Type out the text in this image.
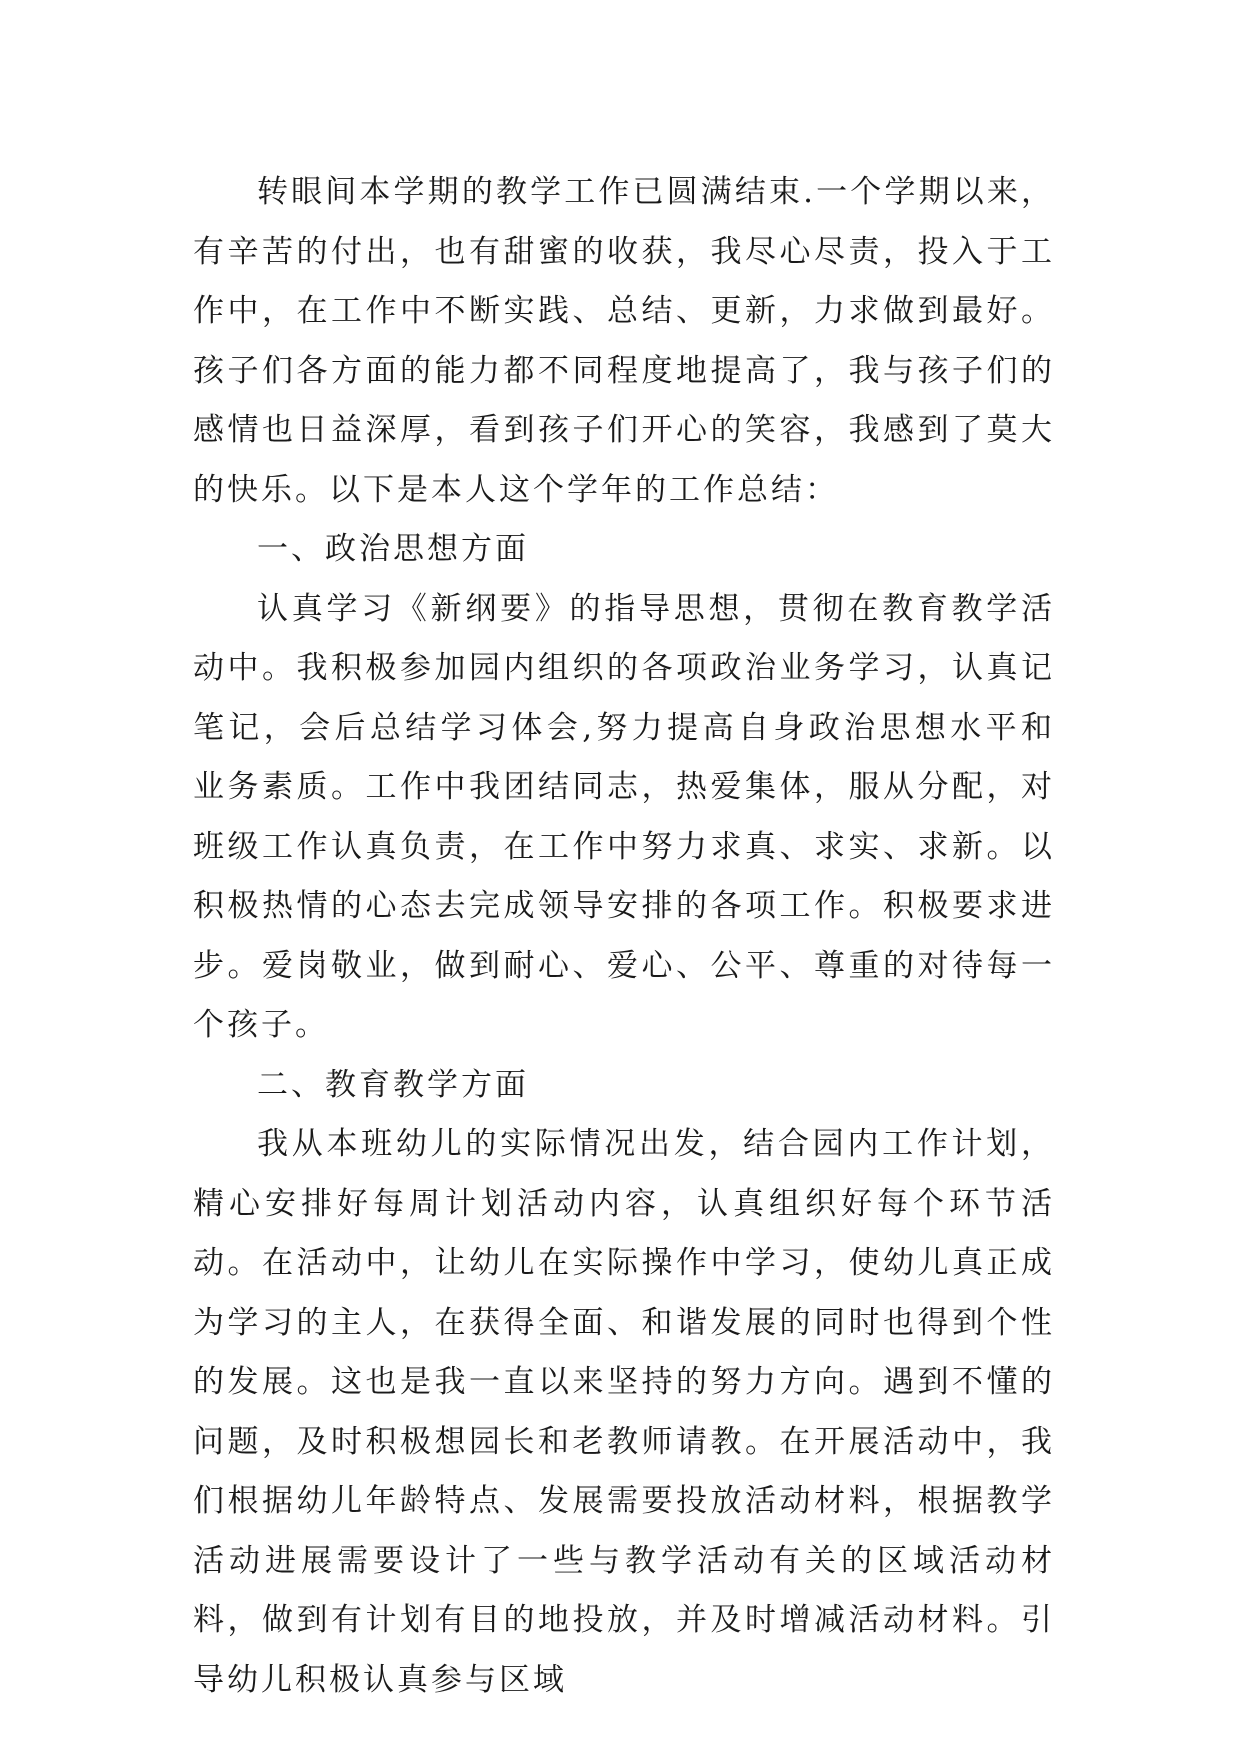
转眼间本学期的教学工作已圆满结束.一个学期以来，有辛苦的付出，也有甜蜜的收获，我尽心尽责，投入于工作中，在工作中不断实践、总结、更新，力求做到最好。孩子们各方面的能力都不同程度地提高了，我与孩子们的感情也日益深厚，看到孩子们开心的笑容，我感到了莫大的快乐。以下是本人这个学年的工作总结：

一、政治思想方面

认真学习《新纲要》的指导思想，贯彻在教育教学活动中。我积极参加园内组织的各项政治业务学习，认真记笔记，会后总结学习体会,努力提高自身政治思想水平和业务素质。工作中我团结同志，热爱集体，服从分配，对班级工作认真负责，在工作中努力求真、求实、求新。以积极热情的心态去完成领导安排的各项工作。积极要求进步。爱岗敬业，做到耐心、爱心、公平、尊重的对待每一个孩子。

二、教育教学方面

我从本班幼儿的实际情况出发，结合园内工作计划，精心安排好每周计划活动内容，认真组织好每个环节活动。在活动中，让幼儿在实际操作中学习，使幼儿真正成为学习的主人，在获得全面、和谐发展的同时也得到个性的发展。这也是我一直以来坚持的努力方向。遇到不懂的问题，及时积极想园长和老教师请教。在开展活动中，我们根据幼儿年龄特点、发展需要投放活动材料，根据教学活动进展需要设计了一些与教学活动有关的区域活动材料，做到有计划有目的地投放，并及时增减活动材料。引导幼儿积极认真参与区域
